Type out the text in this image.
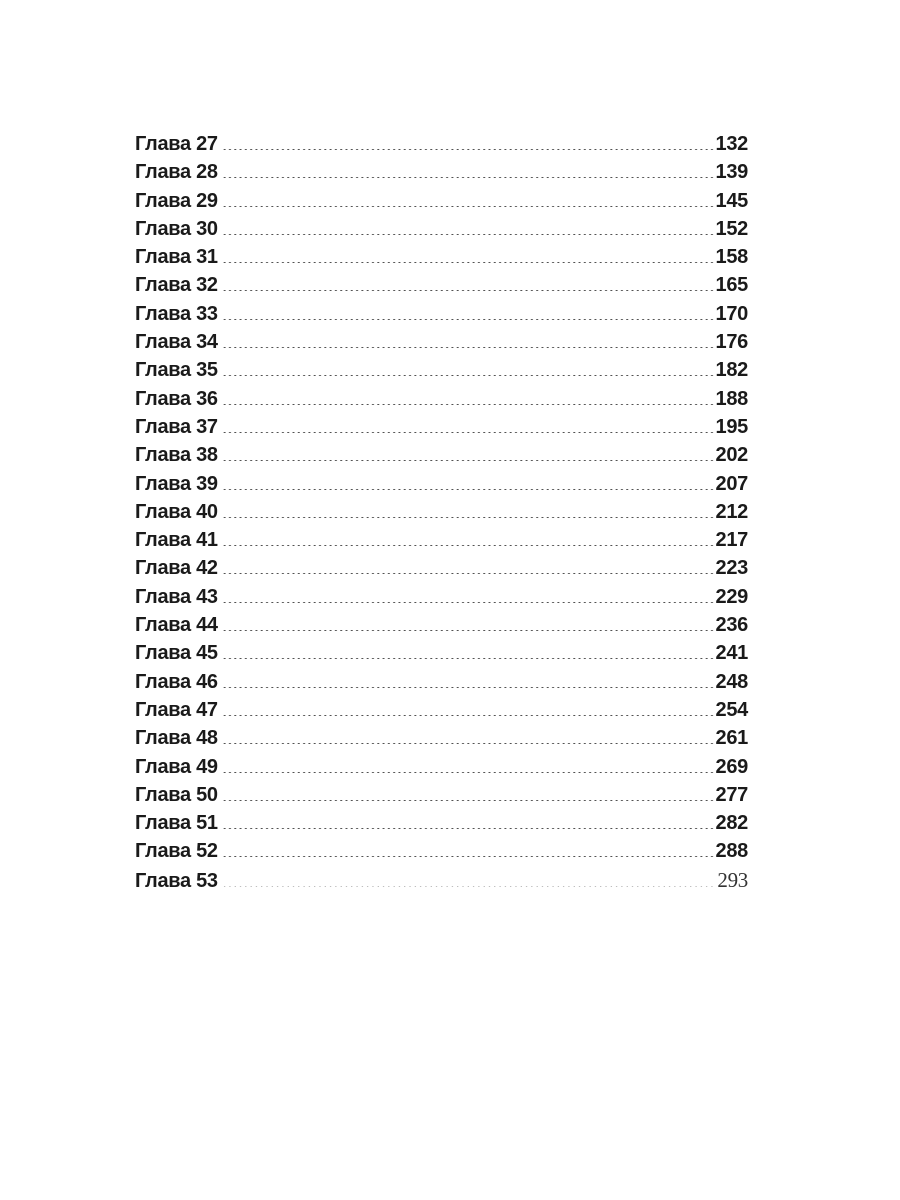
Глава 27	132
Глава 28	139
Глава 29	145
Глава 30	152
Глава 31	158
Глава 32	165
Глава 33	170
Глава 34	176
Глава 35	182
Глава 36	188
Глава 37	195
Глава 38	202
Глава 39	207
Глава 40	212
Глава 41	217
Глава 42	223
Глава 43	229
Глава 44	236
Глава 45	241
Глава 46	248
Глава 47	254
Глава 48	261
Глава 49	269
Глава 50	277
Глава 51	282
Глава 52	288
Глава 53	293
